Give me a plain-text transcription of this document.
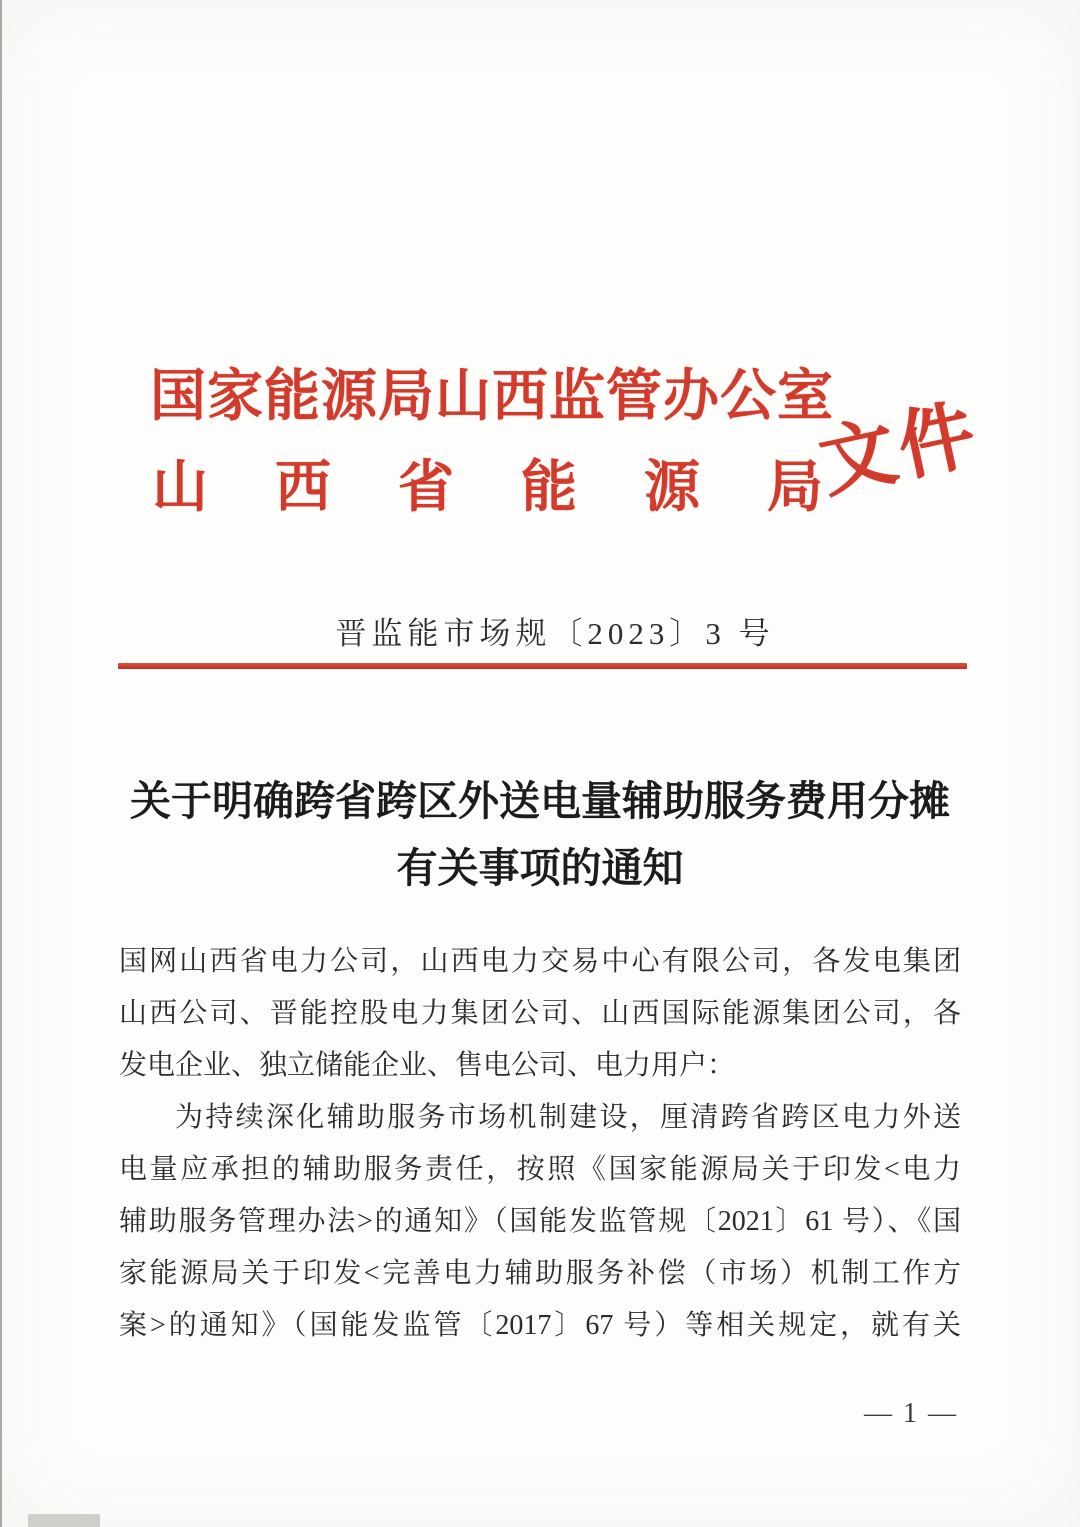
国家能源局山西监管办公室
山西省能源局
文件
晋监能市场规〔2023〕3 号
关于明确跨省跨区外送电量辅助服务费用分摊
有关事项的通知
国网山西省电力公司，山西电力交易中心有限公司，各发电集团
山西公司、晋能控股电力集团公司、山西国际能源集团公司，各
发电企业、独立储能企业、售电公司、电力用户：
为持续深化辅助服务市场机制建设，厘清跨省跨区电力外送
电量应承担的辅助服务责任，按照《国家能源局关于印发<电力
辅助服务管理办法>的通知》（国能发监管规〔2021〕61 号）、《国
家能源局关于印发<完善电力辅助服务补偿（市场）机制工作方
案>的通知》（国能发监管〔2017〕67 号）等相关规定，就有关
— 1 —
